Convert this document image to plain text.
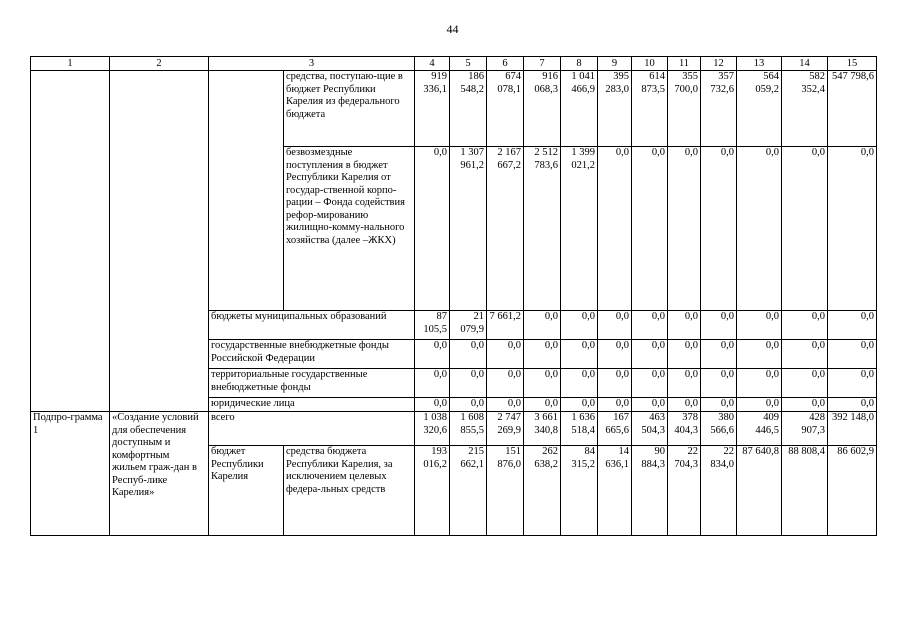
44
1	2	3		4	5	6	7	8	9	10	11	12	13	14	15
			средства, поступаю-щие в бюджет Республики Карелия из федерального бюджета	919 336,1	186 548,2	674 078,1	916 068,3	1 041 466,9	395 283,0	614 873,5	355 700,0	357 732,6	564 059,2	582 352,4	547 798,6
			безвозмездные поступления в бюджет Республики Карелия от государ-ственной корпо-рации – Фонда содействия рефор-мированию жилищно-комму-нального хозяйства (далее –ЖКХ)	0,0	1 307 961,2	2 167 667,2	2 512 783,6	1 399 021,2	0,0	0,0	0,0	0,0	0,0	0,0	0,0
		бюджеты муниципальных образований		87 105,5	21 079,9	7 661,2	0,0	0,0	0,0	0,0	0,0	0,0	0,0	0,0	0,0
		государственные внебюджетные фонды Российской Федерации		0,0	0,0	0,0	0,0	0,0	0,0	0,0	0,0	0,0	0,0	0,0	0,0
		территориальные государственные внебюджетные фонды		0,0	0,0	0,0	0,0	0,0	0,0	0,0	0,0	0,0	0,0	0,0	0,0
		юридические лица		0,0	0,0	0,0	0,0	0,0	0,0	0,0	0,0	0,0	0,0	0,0	0,0
Подпро-грамма 1	«Создание условий для обеспечения доступным и комфортным жильем граж-дан в Респуб-лике Карелия»	всего		1 038 320,6	1 608 855,5	2 747 269,9	3 661 340,8	1 636 518,4	167 665,6	463 504,3	378 404,3	380 566,6	409 446,5	428 907,3	392 148,0
		бюджет Республики Карелия	средства бюджета Республики Карелия, за исключением целевых федера-льных средств	193 016,2	215 662,1	151 876,0	262 638,2	84 315,2	14 636,1	90 884,3	22 704,3	22 834,0	87 640,8	88 808,4	86 602,9
